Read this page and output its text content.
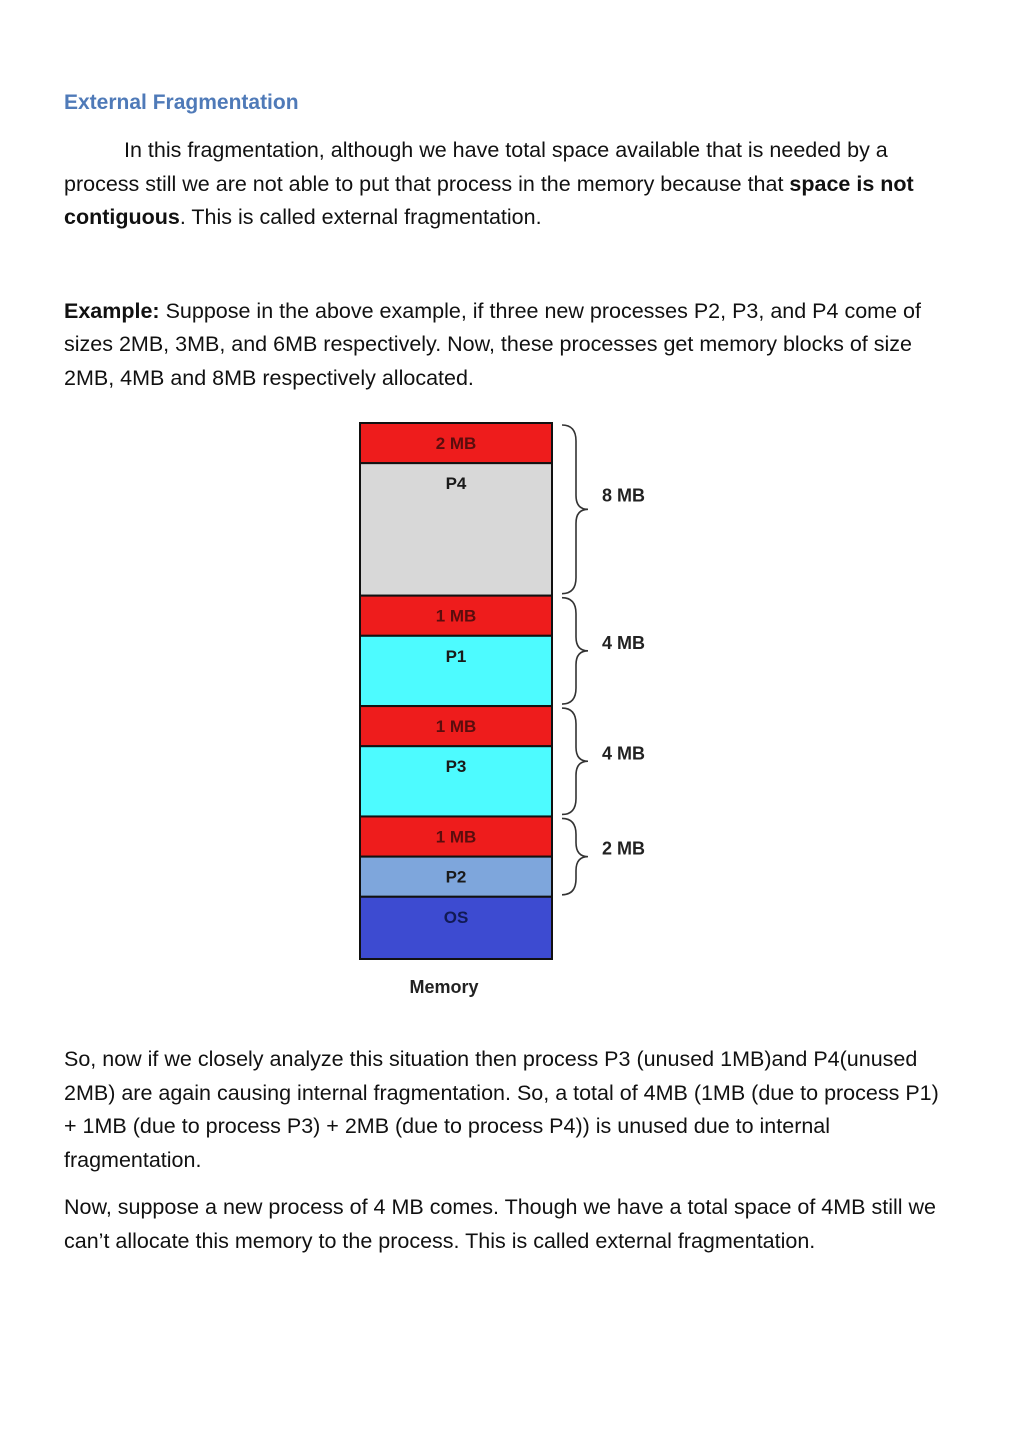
External Fragmentation

In this fragmentation, although we have total space available that is needed by a process still we are not able to put that process in the memory because that space is not contiguous. This is called external fragmentation.

Example: Suppose in the above example, if three new processes P2, P3, and P4 come of sizes 2MB, 3MB, and 6MB respectively. Now, these processes get memory blocks of size 2MB, 4MB and 8MB respectively allocated.

2 MB
P4
1 MB
P1
1 MB
P3
1 MB
P2
OS
8 MB
4 MB
4 MB
2 MB
Memory

So, now if we closely analyze this situation then process P3 (unused 1MB)and P4(unused 2MB) are again causing internal fragmentation. So, a total of 4MB (1MB (due to process P1) + 1MB (due to process P3) + 2MB (due to process P4)) is unused due to internal fragmentation.

Now, suppose a new process of 4 MB comes. Though we have a total space of 4MB still we can’t allocate this memory to the process. This is called external fragmentation.
